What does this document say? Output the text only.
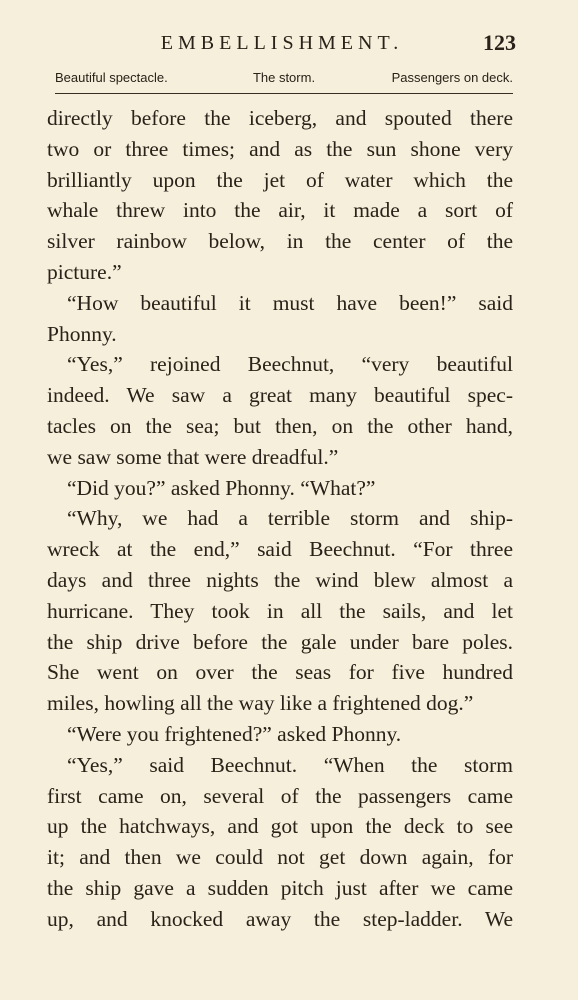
EMBELLISHMENT.	123
Beautiful spectacle.	The storm.	Passengers on deck.
directly before the iceberg, and spouted there
two or three times; and as the sun shone very
brilliantly upon the jet of water which the
whale threw into the air, it made a sort of
silver rainbow below, in the center of the
picture.”
“How beautiful it must have been!” said
Phonny.
“Yes,” rejoined Beechnut, “very beautiful
indeed. We saw a great many beautiful spec-
tacles on the sea; but then, on the other hand,
we saw some that were dreadful.”
“Did you?” asked Phonny. “What?”
“Why, we had a terrible storm and ship-
wreck at the end,” said Beechnut. “For three
days and three nights the wind blew almost a
hurricane. They took in all the sails, and let
the ship drive before the gale under bare poles.
She went on over the seas for five hundred
miles, howling all the way like a frightened dog.”
“Were you frightened?” asked Phonny.
“Yes,” said Beechnut. “When the storm
first came on, several of the passengers came
up the hatchways, and got upon the deck to see
it; and then we could not get down again, for
the ship gave a sudden pitch just after we came
up, and knocked away the step-ladder. We
